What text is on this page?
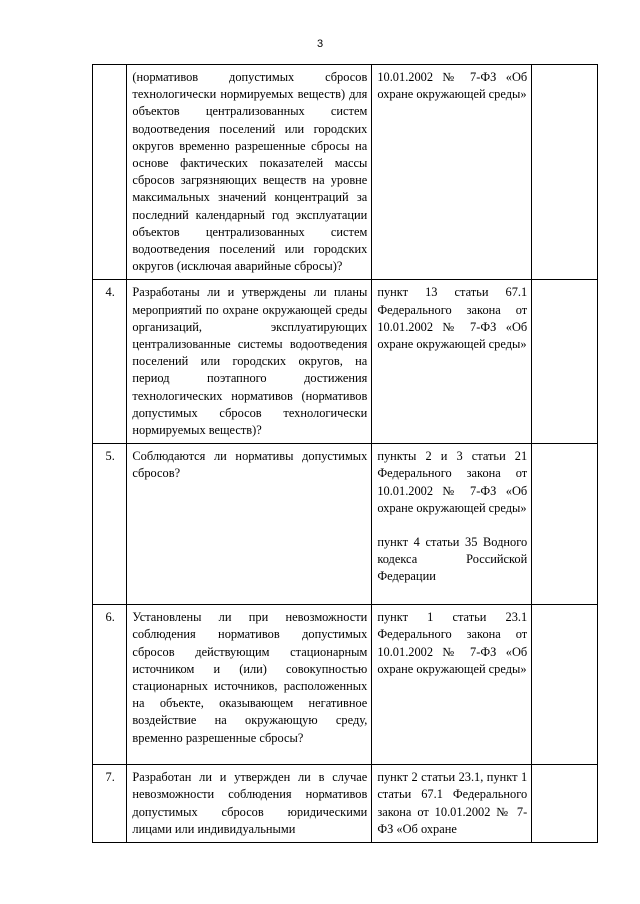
3
	(нормативов допустимых сбросов технологически нормируемых веществ) для объектов централизованных систем водоотведения поселений или городских округов временно разрешенные сбросы на основе фактических показателей массы сбросов загрязняющих веществ на уровне максимальных значений концентраций за последний календарный год эксплуатации объектов централизованных систем водоотведения поселений или городских округов (исключая аварийные сбросы)?	10.01.2002 № 7-ФЗ «Об охране окружающей среды»	

4.	Разработаны ли и утверждены ли планы мероприятий по охране окружающей среды организаций, эксплуатирующих централизованные системы водоотведения поселений или городских округов, на период поэтапного достижения технологических нормативов (нормативов допустимых сбросов технологически нормируемых веществ)?	пункт 13 статьи 67.1 Федерального закона от 10.01.2002 № 7-ФЗ «Об охране окружающей среды»	

5.	Соблюдаются ли нормативы допустимых сбросов?	пункты 2 и 3 статьи 21 Федерального закона от 10.01.2002 № 7-ФЗ «Об охране окружающей среды»

пункт 4 статьи 35 Водного кодекса Российской Федерации	

6.	Установлены ли при невозможности соблюдения нормативов допустимых сбросов действующим стационарным источником и (или) совокупностью стационарных источников, расположенных на объекте, оказывающем негативное воздействие на окружающую среду, временно разрешенные сбросы?	пункт 1 статьи 23.1 Федерального закона от 10.01.2002 № 7-ФЗ «Об охране окружающей среды»	

7.	Разработан ли и утвержден ли в случае невозможности соблюдения нормативов допустимых сбросов юридическими лицами или индивидуальными	пункт 2 статьи 23.1, пункт 1 статьи 67.1 Федерального закона от 10.01.2002 № 7-ФЗ «Об охране	
